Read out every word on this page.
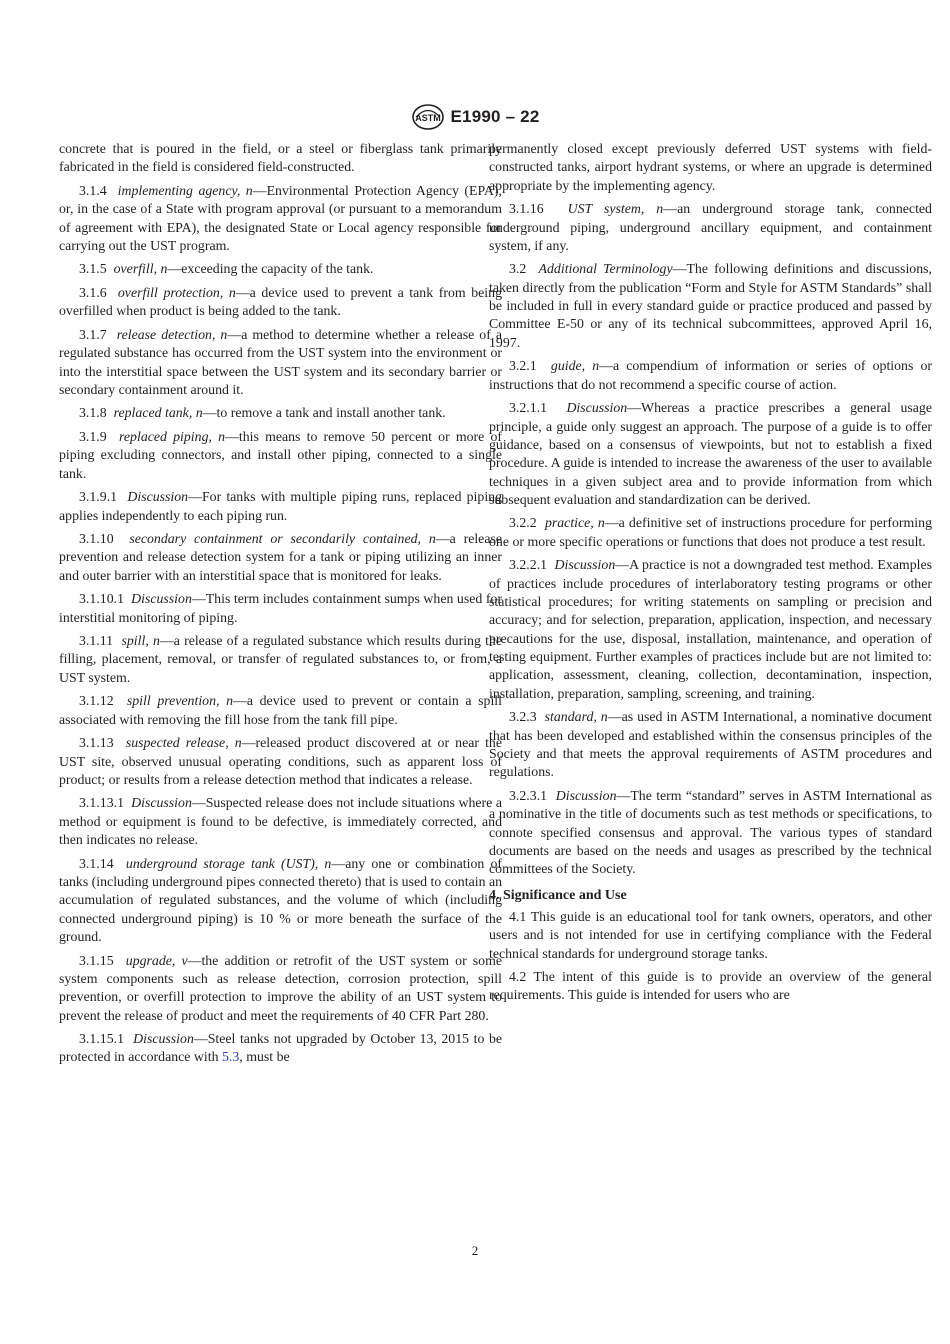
ASTM E1990 – 22

concrete that is poured in the field, or a steel or fiberglass tank primarily fabricated in the field is considered field-constructed.

3.1.4 implementing agency, n—Environmental Protection Agency (EPA), or, in the case of a State with program approval (or pursuant to a memorandum of agreement with EPA), the designated State or Local agency responsible for carrying out the UST program.

3.1.5 overfill, n—exceeding the capacity of the tank.

3.1.6 overfill protection, n—a device used to prevent a tank from being overfilled when product is being added to the tank.

3.1.7 release detection, n—a method to determine whether a release of a regulated substance has occurred from the UST system into the environment or into the interstitial space between the UST system and its secondary barrier or secondary containment around it.

3.1.8 replaced tank, n—to remove a tank and install another tank.

3.1.9 replaced piping, n—this means to remove 50 percent or more of piping excluding connectors, and install other piping, connected to a single tank.

3.1.9.1 Discussion—For tanks with multiple piping runs, replaced piping applies independently to each piping run.

3.1.10 secondary containment or secondarily contained, n—a release prevention and release detection system for a tank or piping utilizing an inner and outer barrier with an interstitial space that is monitored for leaks.

3.1.10.1 Discussion—This term includes containment sumps when used for interstitial monitoring of piping.

3.1.11 spill, n—a release of a regulated substance which results during the filling, placement, removal, or transfer of regulated substances to, or from, a UST system.

3.1.12 spill prevention, n—a device used to prevent or contain a spill associated with removing the fill hose from the tank fill pipe.

3.1.13 suspected release, n—released product discovered at or near the UST site, observed unusual operating conditions, such as apparent loss of product; or results from a release detection method that indicates a release.

3.1.13.1 Discussion—Suspected release does not include situations where a method or equipment is found to be defective, is immediately corrected, and then indicates no release.

3.1.14 underground storage tank (UST), n—any one or combination of tanks (including underground pipes connected thereto) that is used to contain an accumulation of regulated substances, and the volume of which (including connected underground piping) is 10 % or more beneath the surface of the ground.

3.1.15 upgrade, v—the addition or retrofit of the UST system or some system components such as release detection, corrosion protection, spill prevention, or overfill protection to improve the ability of an UST system to prevent the release of product and meet the requirements of 40 CFR Part 280.

3.1.15.1 Discussion—Steel tanks not upgraded by October 13, 2015 to be protected in accordance with 5.3, must be

permanently closed except previously deferred UST systems with field-constructed tanks, airport hydrant systems, or where an upgrade is determined appropriate by the implementing agency.

3.1.16 UST system, n—an underground storage tank, connected underground piping, underground ancillary equipment, and containment system, if any.

3.2 Additional Terminology—The following definitions and discussions, taken directly from the publication “Form and Style for ASTM Standards” shall be included in full in every standard guide or practice produced and passed by Committee E-50 or any of its technical subcommittees, approved April 16, 1997.

3.2.1 guide, n—a compendium of information or series of options or instructions that do not recommend a specific course of action.

3.2.1.1 Discussion—Whereas a practice prescribes a general usage principle, a guide only suggest an approach. The purpose of a guide is to offer guidance, based on a consensus of viewpoints, but not to establish a fixed procedure. A guide is intended to increase the awareness of the user to available techniques in a given subject area and to provide information from which subsequent evaluation and standardization can be derived.

3.2.2 practice, n—a definitive set of instructions procedure for performing one or more specific operations or functions that does not produce a test result.

3.2.2.1 Discussion—A practice is not a downgraded test method. Examples of practices include procedures of interlaboratory testing programs or other statistical procedures; for writing statements on sampling or precision and accuracy; and for selection, preparation, application, inspection, and necessary precautions for the use, disposal, installation, maintenance, and operation of testing equipment. Further examples of practices include but are not limited to: application, assessment, cleaning, collection, decontamination, inspection, installation, preparation, sampling, screening, and training.

3.2.3 standard, n—as used in ASTM International, a nominative document that has been developed and established within the consensus principles of the Society and that meets the approval requirements of ASTM procedures and regulations.

3.2.3.1 Discussion—The term “standard” serves in ASTM International as a nominative in the title of documents such as test methods or specifications, to connote specified consensus and approval. The various types of standard documents are based on the needs and usages as prescribed by the technical committees of the Society.

4. Significance and Use

4.1 This guide is an educational tool for tank owners, operators, and other users and is not intended for use in certifying compliance with the Federal technical standards for underground storage tanks.

4.2 The intent of this guide is to provide an overview of the general requirements. This guide is intended for users who are

2
